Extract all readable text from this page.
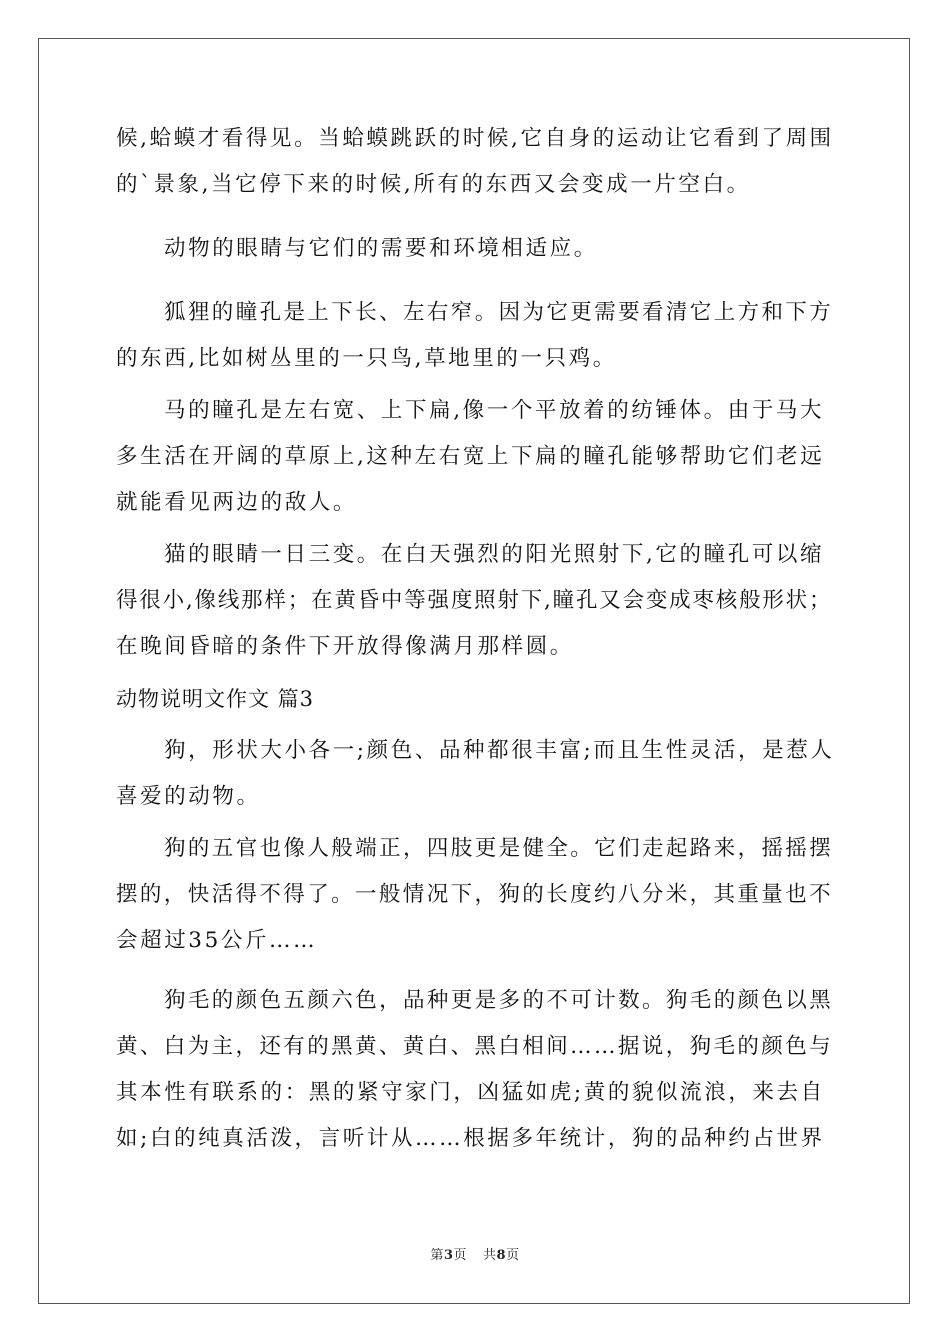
候,蛤蟆才看得见。当蛤蟆跳跃的时候,它自身的运动让它看到了周围
的`景象,当它停下来的时候,所有的东西又会变成一片空白。
动物的眼睛与它们的需要和环境相适应。
狐狸的瞳孔是上下长、左右窄。因为它更需要看清它上方和下方
的东西,比如树丛里的一只鸟,草地里的一只鸡。
马的瞳孔是左右宽、上下扁,像一个平放着的纺锤体。由于马大
多生活在开阔的草原上,这种左右宽上下扁的瞳孔能够帮助它们老远
就能看见两边的敌人。
猫的眼睛一日三变。在白天强烈的阳光照射下,它的瞳孔可以缩
得很小,像线那样；在黄昏中等强度照射下,瞳孔又会变成枣核般形状；
在晚间昏暗的条件下开放得像满月那样圆。
动物说明文作文 篇3
狗，形状大小各一;颜色、品种都很丰富;而且生性灵活，是惹人
喜爱的动物。
狗的五官也像人般端正，四肢更是健全。它们走起路来，摇摇摆
摆的，快活得不得了。一般情况下，狗的长度约八分米，其重量也不
会超过35公斤……
狗毛的颜色五颜六色，品种更是多的不可计数。狗毛的颜色以黑
黄、白为主，还有的黑黄、黄白、黑白相间……据说，狗毛的颜色与
其本性有联系的：黑的紧守家门，凶猛如虎;黄的貌似流浪，来去自
如;白的纯真活泼，言听计从……根据多年统计，狗的品种约占世界
第3页 共8页
